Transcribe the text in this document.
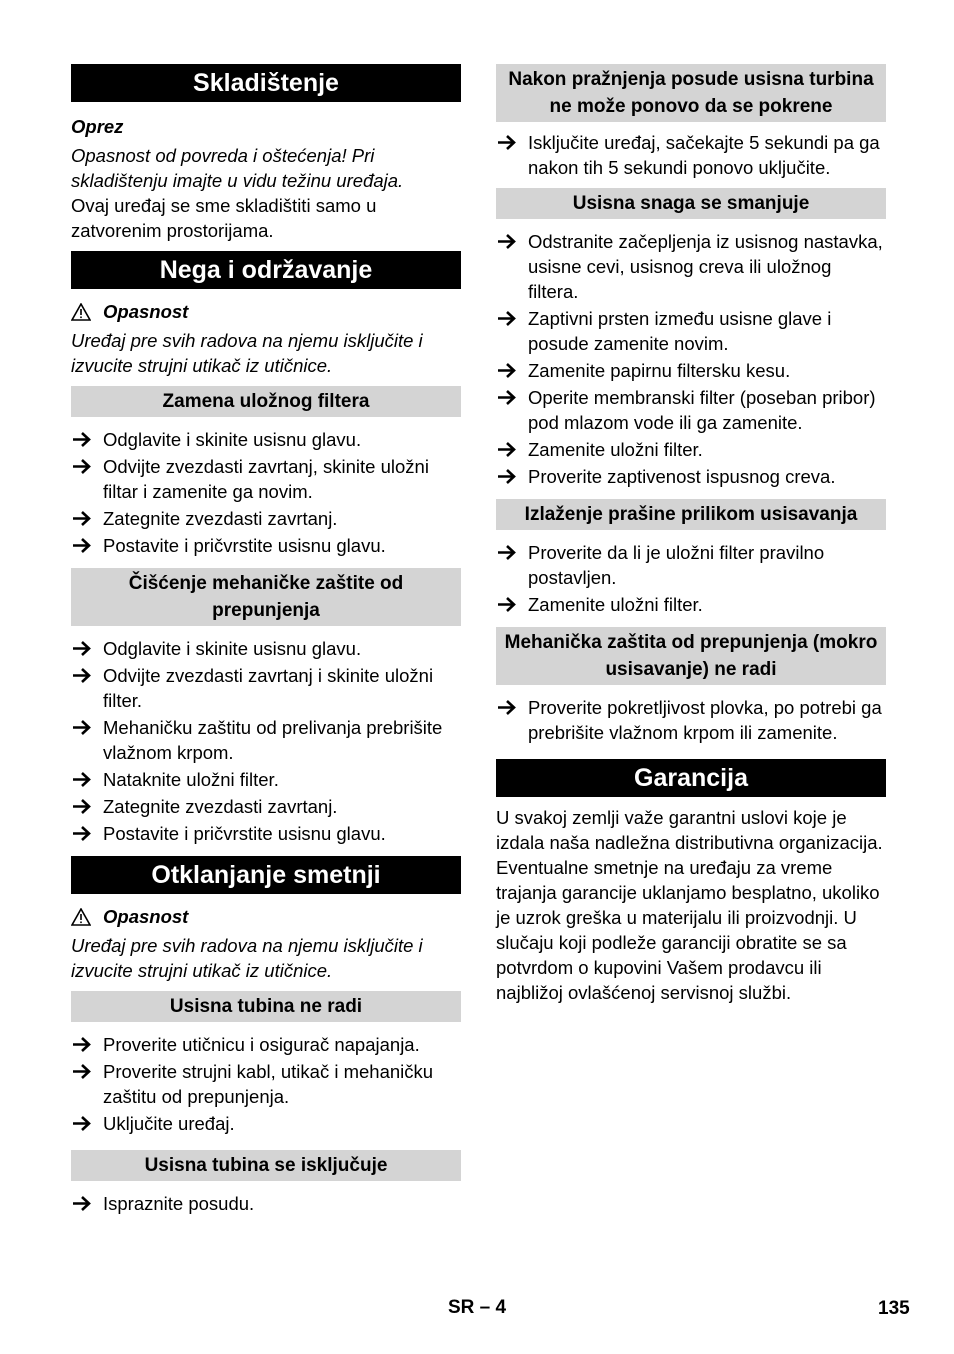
Skladištenje

Oprez

Opasnost od povreda i oštećenja! Pri skladištenju imajte u vidu težinu uređaja.

Ovaj uređaj se sme skladištiti samo u zatvorenim prostorijama.

Nega i održavanje
Opasnost

Uređaj pre svih radova na njemu isključite i izvucite strujni utikač iz utičnice.

Zamena uložnog filtera
Odglavite i skinite usisnu glavu.
Odvijte zvezdasti zavrtanj, skinite uložni filtar i zamenite ga novim.
Zategnite zvezdasti zavrtanj.
Postavite i pričvrstite usisnu glavu.
Čišćenje mehaničke zaštite od prepunjenja
Odglavite i skinite usisnu glavu.
Odvijte zvezdasti zavrtanj i skinite uložni filter.
Mehaničku zaštitu od prelivanja prebrišite vlažnom krpom.
Nataknite uložni filter.
Zategnite zvezdasti zavrtanj.
Postavite i pričvrstite usisnu glavu.
Otklanjanje smetnji
Opasnost

Uređaj pre svih radova na njemu isključite i izvucite strujni utikač iz utičnice.

Usisna tubina ne radi
Proverite utičnicu i osigurač napajanja.
Proverite strujni kabl, utikač i mehaničku zaštitu od prepunjenja.
Uključite uređaj.
Usisna tubina se isključuje
Ispraznite posudu.
Nakon pražnjenja posude usisna turbina ne može ponovo da se pokrene
Isključite uređaj, sačekajte 5 sekundi pa ga nakon tih 5 sekundi ponovo uključite.
Usisna snaga se smanjuje
Odstranite začepljenja iz usisnog nastavka, usisne cevi, usisnog creva ili uložnog filtera.
Zaptivni prsten između usisne glave i posude zamenite novim.
Zamenite papirnu filtersku kesu.
Operite membranski filter (poseban pribor) pod mlazom vode ili ga zamenite.
Zamenite uložni filter.
Proverite zaptivenost ispusnog creva.
Izlaženje prašine prilikom usisavanja
Proverite da li je uložni filter pravilno postavljen.
Zamenite uložni filter.
Mehanička zaštita od prepunjenja (mokro usisavanje) ne radi
Proverite pokretljivost plovka, po potrebi ga prebrišite vlažnom krpom ili zamenite.
Garancija

U svakoj zemlji važe garantni uslovi koje je izdala naša nadležna distributivna organizacija. Eventualne smetnje na uređaju za vreme trajanja garancije uklanjamo besplatno, ukoliko je uzrok greška u materijalu ili proizvodnji. U slučaju koji podleže garanciji obratite se sa potvrdom o kupovini Vašem prodavcu ili najbližoj ovlašćenoj servisnoj službi.

SR – 4	135
